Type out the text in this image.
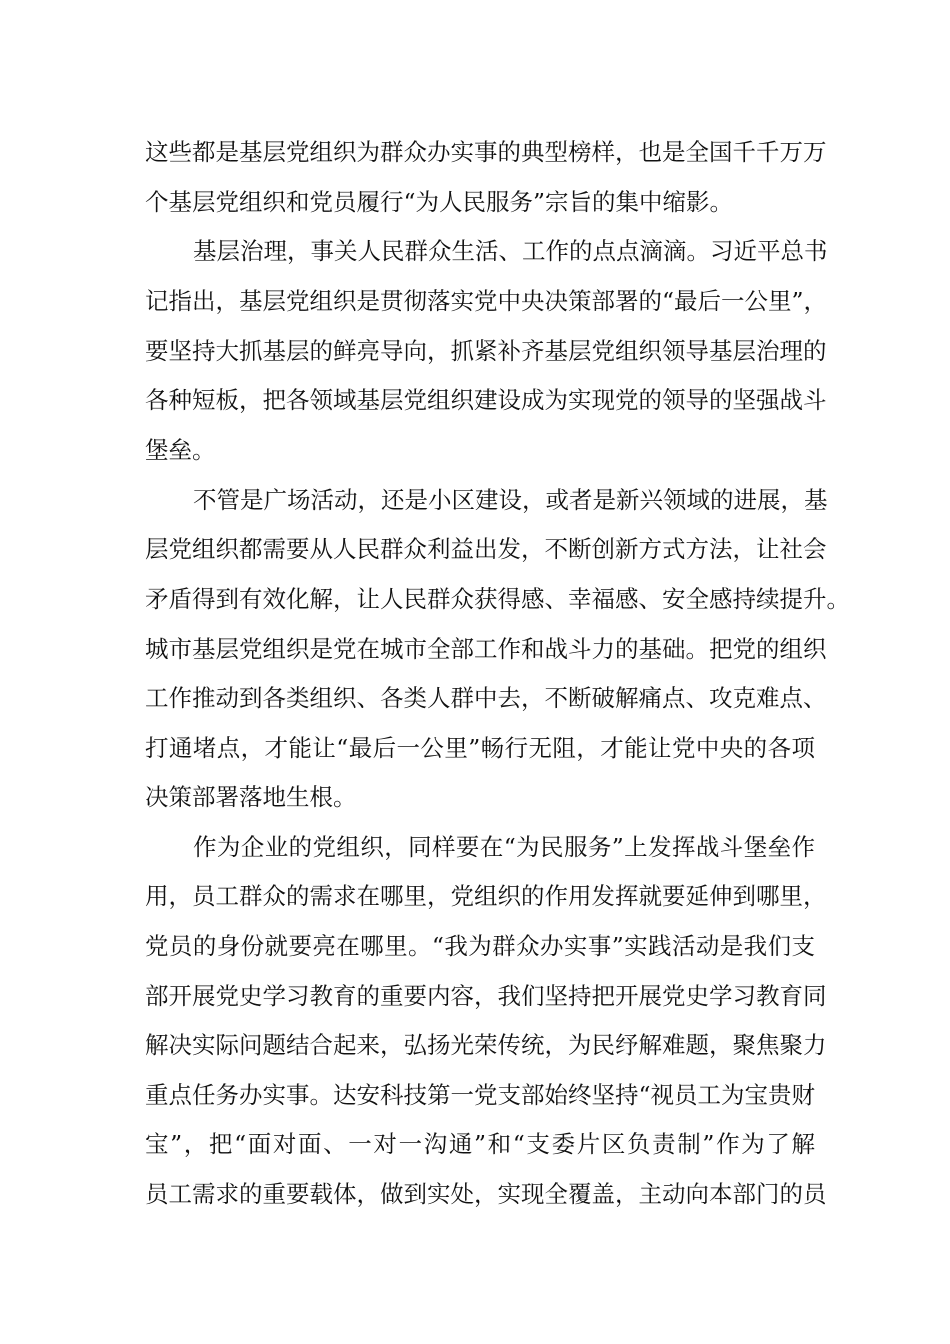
这些都是基层党组织为群众办实事的典型榜样，也是全国千千万万
个基层党组织和党员履行“为人民服务”宗旨的集中缩影。
基层治理，事关人民群众生活、工作的点点滴滴。习近平总书
记指出，基层党组织是贯彻落实党中央决策部署的“最后一公里”，
要坚持大抓基层的鲜亮导向，抓紧补齐基层党组织领导基层治理的
各种短板，把各领域基层党组织建设成为实现党的领导的坚强战斗
堡垒。
不管是广场活动，还是小区建设，或者是新兴领域的进展，基
层党组织都需要从人民群众利益出发，不断创新方式方法，让社会
矛盾得到有效化解，让人民群众获得感、幸福感、安全感持续提升。
城市基层党组织是党在城市全部工作和战斗力的基础。把党的组织
工作推动到各类组织、各类人群中去，不断破解痛点、攻克难点、
打通堵点，才能让“最后一公里”畅行无阻，才能让党中央的各项
决策部署落地生根。
作为企业的党组织，同样要在“为民服务”上发挥战斗堡垒作
用，员工群众的需求在哪里，党组织的作用发挥就要延伸到哪里，
党员的身份就要亮在哪里。“我为群众办实事”实践活动是我们支
部开展党史学习教育的重要内容，我们坚持把开展党史学习教育同
解决实际问题结合起来，弘扬光荣传统，为民纾解难题，聚焦聚力
重点任务办实事。达安科技第一党支部始终坚持“视员工为宝贵财
宝”，把“面对面、一对一沟通”和“支委片区负责制”作为了解
员工需求的重要载体，做到实处，实现全覆盖，主动向本部门的员
